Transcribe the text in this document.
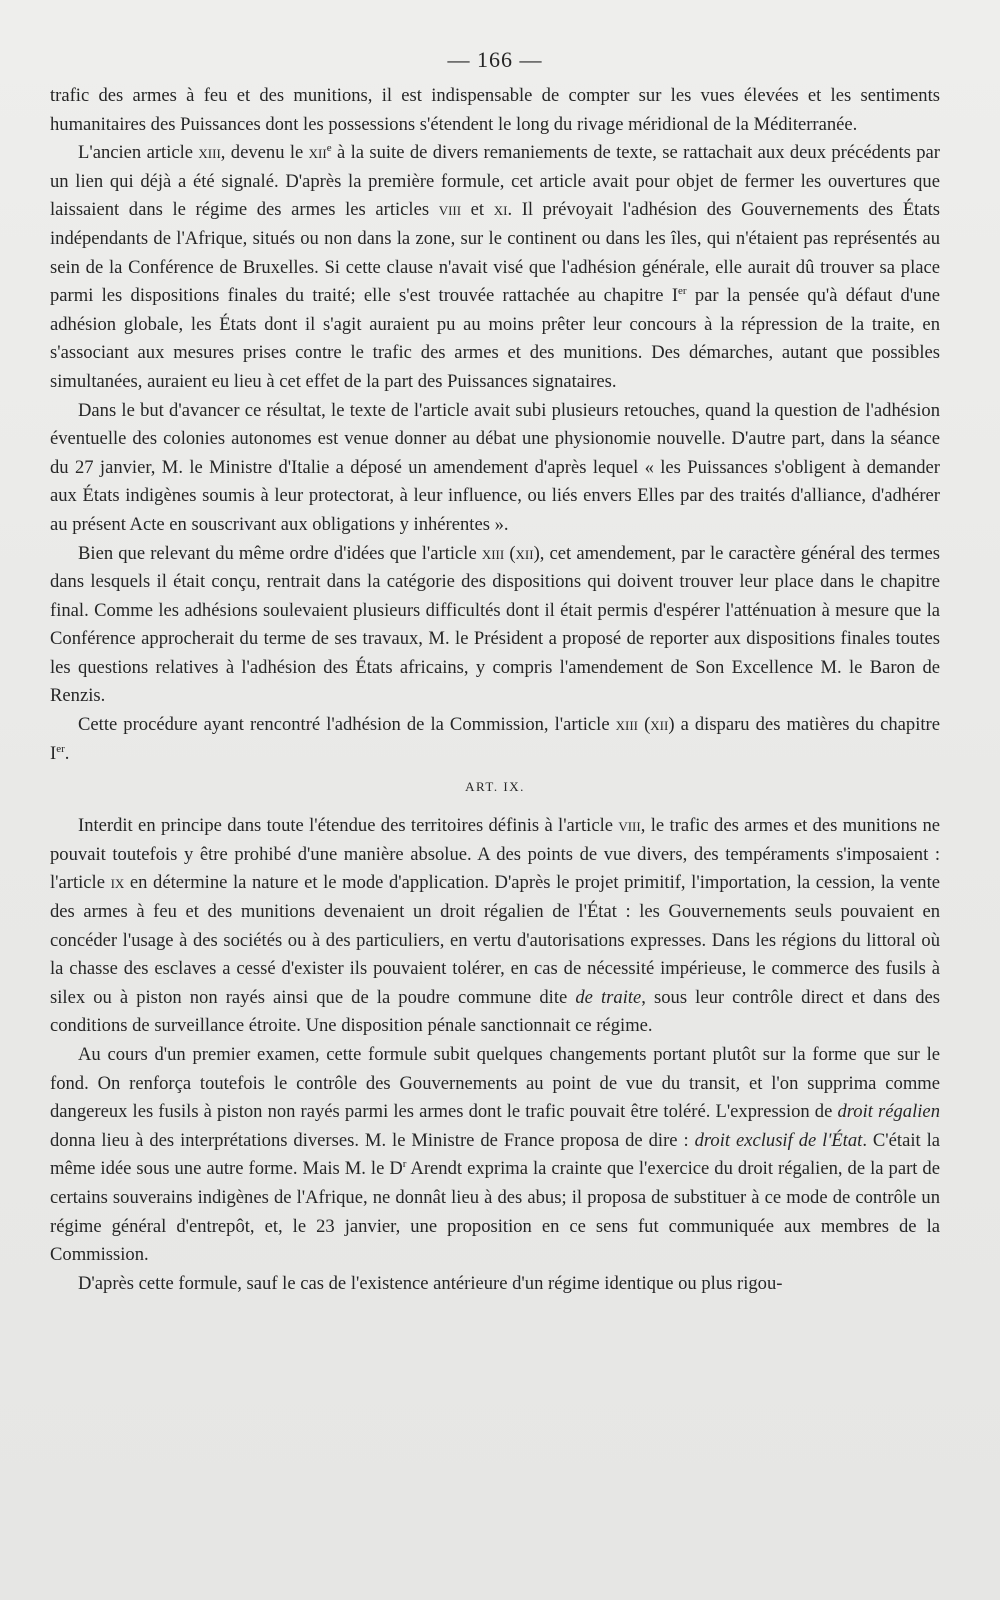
— 166 —

trafic des armes à feu et des munitions, il est indispensable de compter sur les vues élevées et les sentiments humanitaires des Puissances dont les possessions s'étendent le long du rivage méridional de la Méditerranée.

L'ancien article xiii, devenu le xii$^e$ à la suite de divers remaniements de texte, se rattachait aux deux précédents par un lien qui déjà a été signalé. D'après la première formule, cet article avait pour objet de fermer les ouvertures que laissaient dans le régime des armes les articles viii et xi. Il prévoyait l'adhésion des Gouvernements des États indépendants de l'Afrique, situés ou non dans la zone, sur le continent ou dans les îles, qui n'étaient pas représentés au sein de la Conférence de Bruxelles. Si cette clause n'avait visé que l'adhésion générale, elle aurait dû trouver sa place parmi les dispositions finales du traité; elle s'est trouvée rattachée au chapitre Ier par la pensée qu'à défaut d'une adhésion globale, les États dont il s'agit auraient pu au moins prêter leur concours à la répression de la traite, en s'associant aux mesures prises contre le trafic des armes et des munitions. Des démarches, autant que possibles simultanées, auraient eu lieu à cet effet de la part des Puissances signataires.

Dans le but d'avancer ce résultat, le texte de l'article avait subi plusieurs retouches, quand la question de l'adhésion éventuelle des colonies autonomes est venue donner au débat une physionomie nouvelle. D'autre part, dans la séance du 27 janvier, M. le Ministre d'Italie a déposé un amendement d'après lequel « les Puissances s'obligent à demander aux États indigènes soumis à leur protectorat, à leur influence, ou liés envers Elles par des traités d'alliance, d'adhérer au présent Acte en souscrivant aux obligations y inhérentes ».

Bien que relevant du même ordre d'idées que l'article xiii (xii), cet amendement, par le caractère général des termes dans lesquels il était conçu, rentrait dans la catégorie des dispositions qui doivent trouver leur place dans le chapitre final. Comme les adhésions soulevaient plusieurs difficultés dont il était permis d'espérer l'atténuation à mesure que la Conférence approcherait du terme de ses travaux, M. le Président a proposé de reporter aux dispositions finales toutes les questions relatives à l'adhésion des États africains, y compris l'amendement de Son Excellence M. le Baron de Renzis.

Cette procédure ayant rencontré l'adhésion de la Commission, l'article xiii (xii) a disparu des matières du chapitre Ier.

ART. IX.

Interdit en principe dans toute l'étendue des territoires définis à l'article viii, le trafic des armes et des munitions ne pouvait toutefois y être prohibé d'une manière absolue. A des points de vue divers, des tempéraments s'imposaient : l'article ix en détermine la nature et le mode d'application. D'après le projet primitif, l'importation, la cession, la vente des armes à feu et des munitions devenaient un droit régalien de l'État : les Gouvernements seuls pouvaient en concéder l'usage à des sociétés ou à des particuliers, en vertu d'autorisations expresses. Dans les régions du littoral où la chasse des esclaves a cessé d'exister ils pouvaient tolérer, en cas de nécessité impérieuse, le commerce des fusils à silex ou à piston non rayés ainsi que de la poudre commune dite de traite, sous leur contrôle direct et dans des conditions de surveillance étroite. Une disposition pénale sanctionnait ce régime.

Au cours d'un premier examen, cette formule subit quelques changements portant plutôt sur la forme que sur le fond. On renforça toutefois le contrôle des Gouvernements au point de vue du transit, et l'on supprima comme dangereux les fusils à piston non rayés parmi les armes dont le trafic pouvait être toléré. L'expression de droit régalien donna lieu à des interprétations diverses. M. le Ministre de France proposa de dire : droit exclusif de l'État. C'était la même idée sous une autre forme. Mais M. le $D^r$ Arendt exprima la crainte que l'exercice du droit régalien, de la part de certains souverains indigènes de l'Afrique, ne donnât lieu à des abus; il proposa de substituer à ce mode de contrôle un régime général d'entrepôt, et, le 23 janvier, une proposition en ce sens fut communiquée aux membres de la Commission.

D'après cette formule, sauf le cas de l'existence antérieure d'un régime identique ou plus rigou-
